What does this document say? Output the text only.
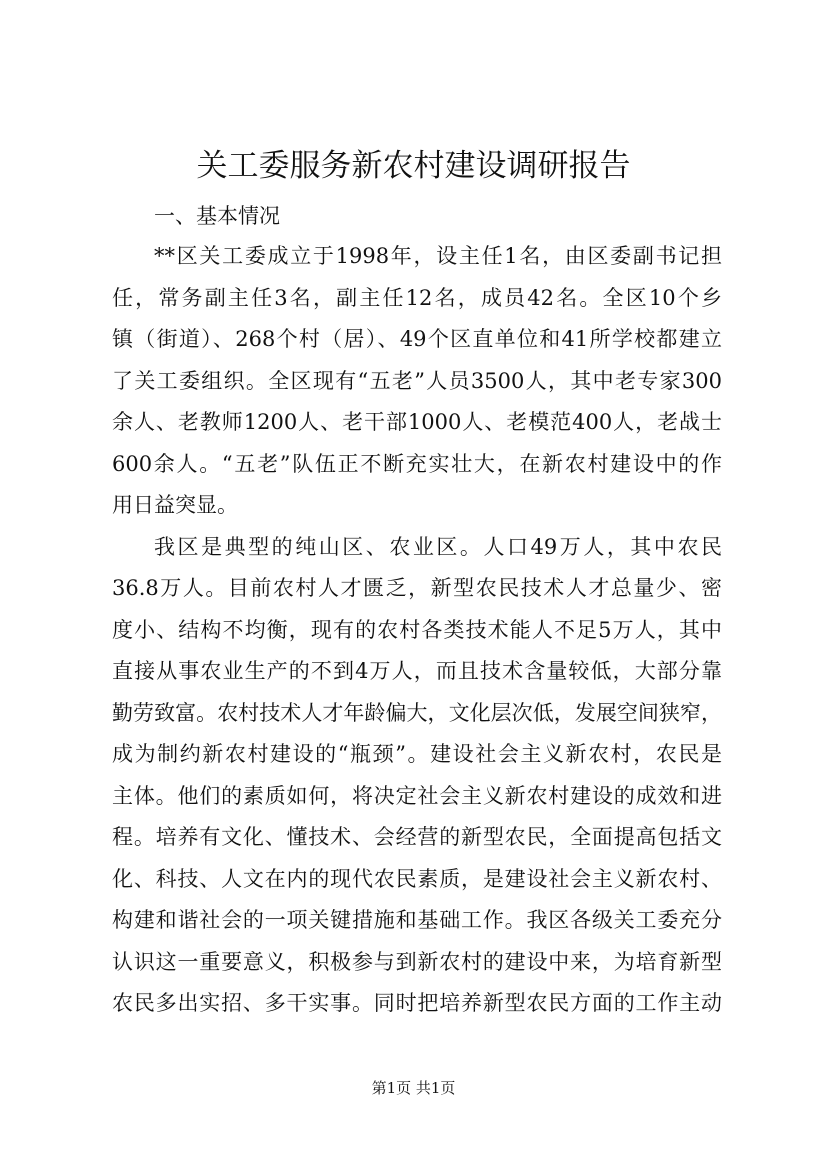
关工委服务新农村建设调研报告
一、基本情况
**区关工委成立于1998年，设主任1名，由区委副书记担
任，常务副主任3名，副主任12名，成员42名。全区10个乡
镇（街道）、268个村（居）、49个区直单位和41所学校都建立
了关工委组织。全区现有“五老”人员3500人，其中老专家300
余人、老教师1200人、老干部1000人、老模范400人，老战士
600余人。“五老”队伍正不断充实壮大，在新农村建设中的作
用日益突显。
我区是典型的纯山区、农业区。人口49万人，其中农民
36.8万人。目前农村人才匮乏，新型农民技术人才总量少、密
度小、结构不均衡，现有的农村各类技术能人不足5万人，其中
直接从事农业生产的不到4万人，而且技术含量较低，大部分靠
勤劳致富。农村技术人才年龄偏大，文化层次低，发展空间狭窄，
成为制约新农村建设的“瓶颈”。建设社会主义新农村，农民是
主体。他们的素质如何，将决定社会主义新农村建设的成效和进
程。培养有文化、懂技术、会经营的新型农民，全面提高包括文
化、科技、人文在内的现代农民素质，是建设社会主义新农村、
构建和谐社会的一项关键措施和基础工作。我区各级关工委充分
认识这一重要意义，积极参与到新农村的建设中来，为培育新型
农民多出实招、多干实事。同时把培养新型农民方面的工作主动
第1页 共1页
